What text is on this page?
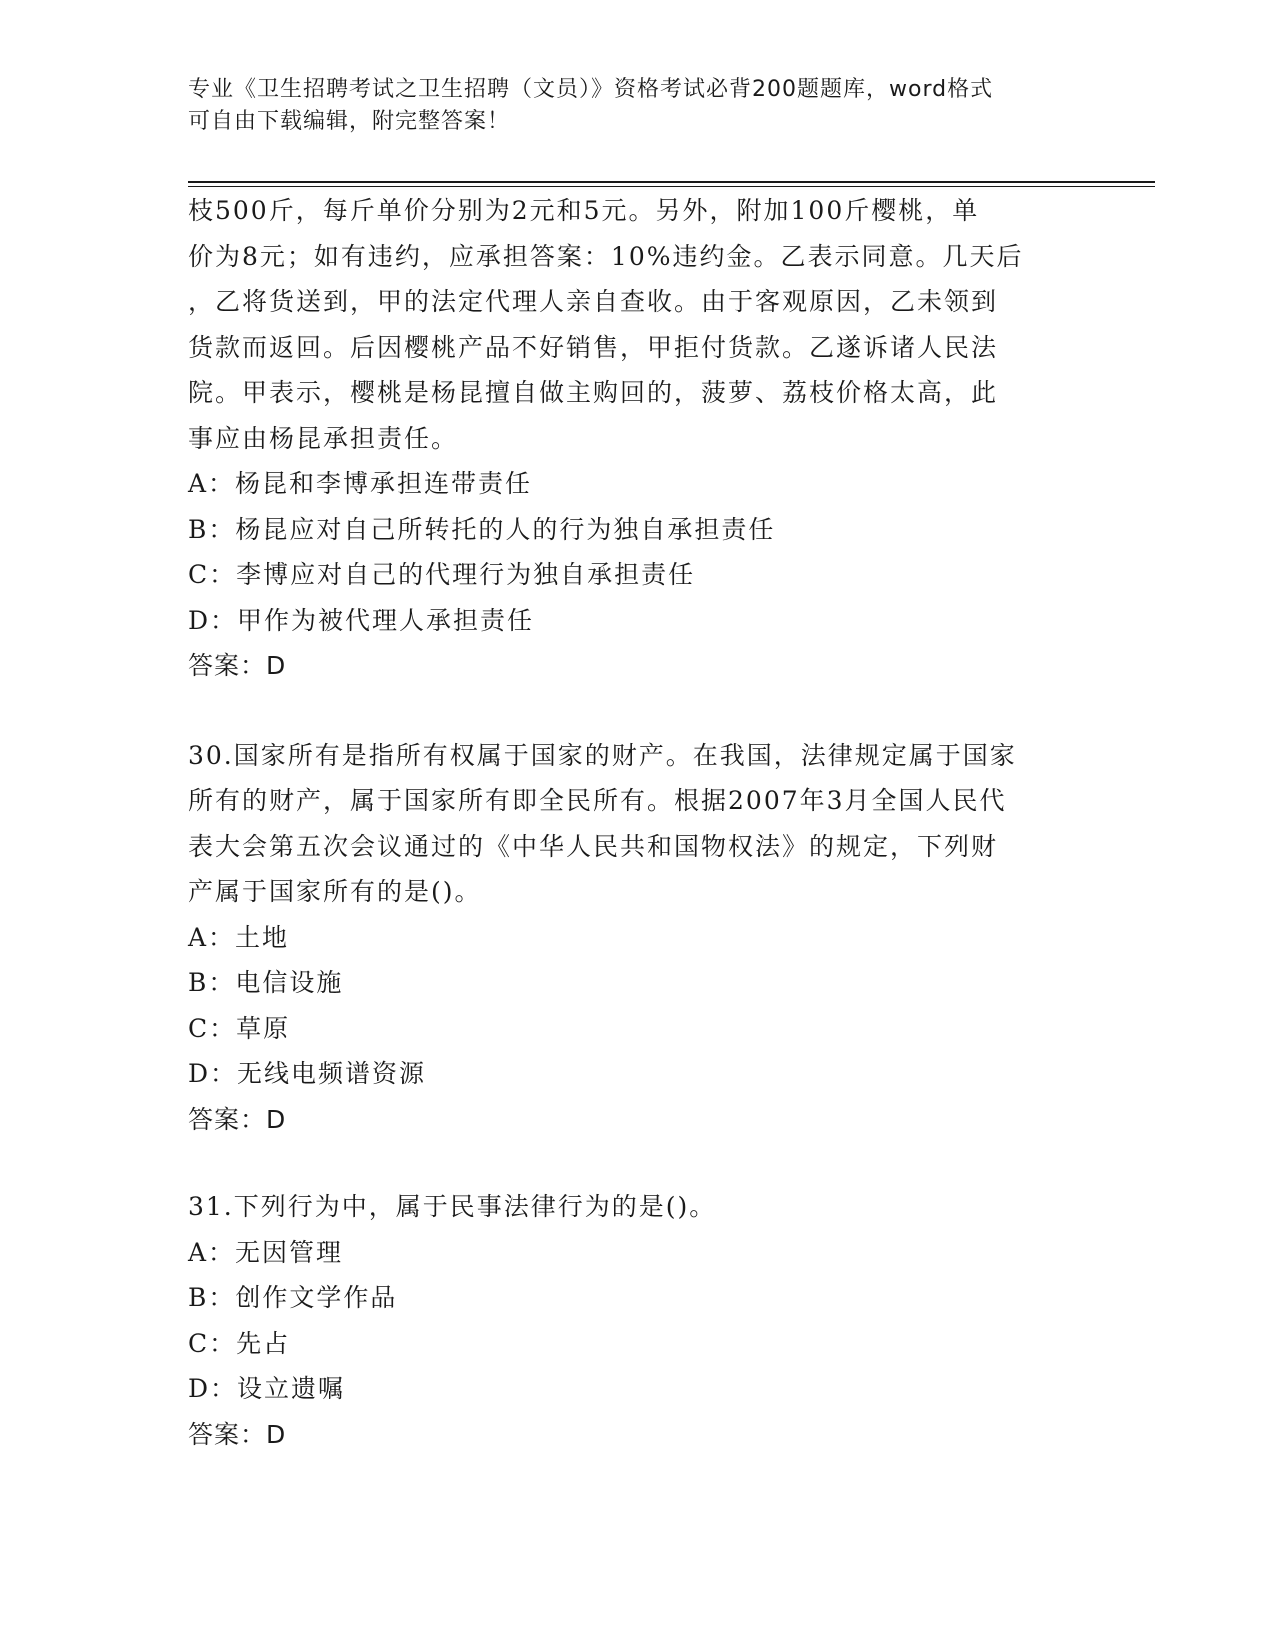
专业《卫生招聘考试之卫生招聘（文员）》资格考试必背200题题库，word格式
可自由下载编辑，附完整答案！
枝500斤，每斤单价分别为2元和5元。另外，附加100斤樱桃，单
价为8元；如有违约，应承担答案：10%违约金。乙表示同意。几天后
，乙将货送到，甲的法定代理人亲自查收。由于客观原因，乙未领到
货款而返回。后因樱桃产品不好销售，甲拒付货款。乙遂诉诸人民法
院。甲表示，樱桃是杨昆擅自做主购回的，菠萝、荔枝价格太高，此
事应由杨昆承担责任。
A：杨昆和李博承担连带责任
B：杨昆应对自己所转托的人的行为独自承担责任
C：李博应对自己的代理行为独自承担责任
D：甲作为被代理人承担责任
答案：D
30.国家所有是指所有权属于国家的财产。在我国，法律规定属于国家
所有的财产，属于国家所有即全民所有。根据2007年3月全国人民代
表大会第五次会议通过的《中华人民共和国物权法》的规定，下列财
产属于国家所有的是()。
A：土地
B：电信设施
C：草原
D：无线电频谱资源
答案：D
31.下列行为中，属于民事法律行为的是()。
A：无因管理
B：创作文学作品
C：先占
D：设立遗嘱
答案：D
